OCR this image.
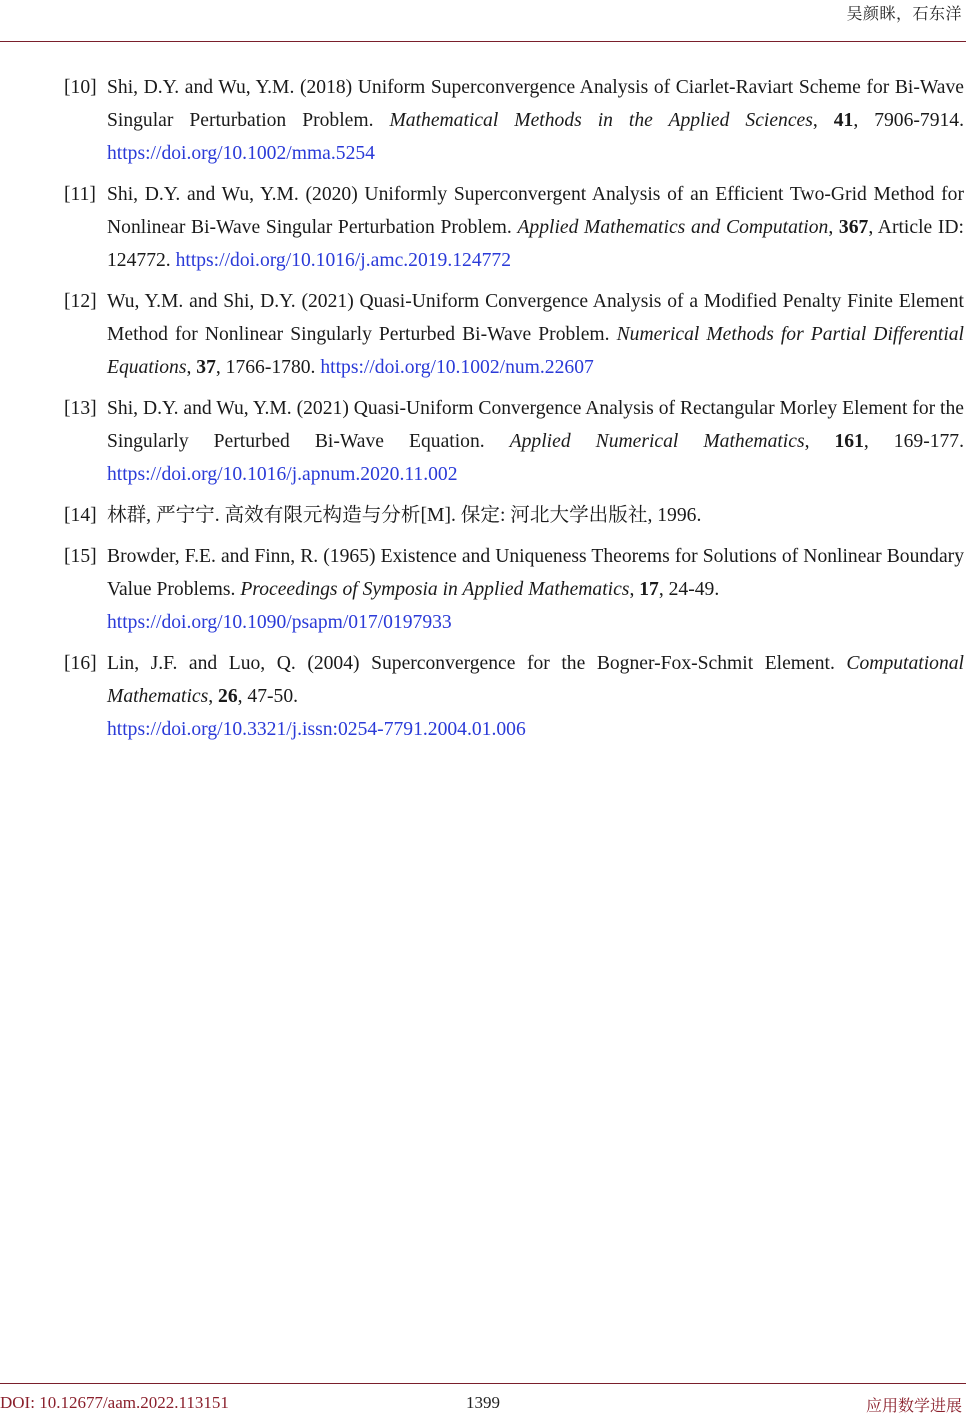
吴颜眯，石东洋
[10] Shi, D.Y. and Wu, Y.M. (2018) Uniform Superconvergence Analysis of Ciarlet-Raviart Scheme for Bi-Wave Singular Perturbation Problem. Mathematical Methods in the Applied Sciences, 41, 7906-7914. https://doi.org/10.1002/mma.5254
[11] Shi, D.Y. and Wu, Y.M. (2020) Uniformly Superconvergent Analysis of an Efficient Two-Grid Method for Nonlinear Bi-Wave Singular Perturbation Problem. Applied Mathematics and Computation, 367, Article ID: 124772. https://doi.org/10.1016/j.amc.2019.124772
[12] Wu, Y.M. and Shi, D.Y. (2021) Quasi-Uniform Convergence Analysis of a Modified Penalty Finite Element Method for Nonlinear Singularly Perturbed Bi-Wave Problem. Numerical Methods for Partial Differential Equations, 37, 1766-1780. https://doi.org/10.1002/num.22607
[13] Shi, D.Y. and Wu, Y.M. (2021) Quasi-Uniform Convergence Analysis of Rectangular Morley Element for the Singularly Perturbed Bi-Wave Equation. Applied Numerical Mathematics, 161, 169-177. https://doi.org/10.1016/j.apnum.2020.11.002
[14] 林群, 严宁宁. 高效有限元构造与分析[M]. 保定: 河北大学出版社, 1996.
[15] Browder, F.E. and Finn, R. (1965) Existence and Uniqueness Theorems for Solutions of Nonlinear Boundary Value Problems. Proceedings of Symposia in Applied Mathematics, 17, 24-49.
https://doi.org/10.1090/psapm/017/0197933
[16] Lin, J.F. and Luo, Q. (2004) Superconvergence for the Bogner-Fox-Schmit Element. Computational Mathematics, 26, 47-50.
https://doi.org/10.3321/j.issn:0254-7791.2004.01.006
DOI: 10.12677/aam.2022.113151	1399	应用数学进展
